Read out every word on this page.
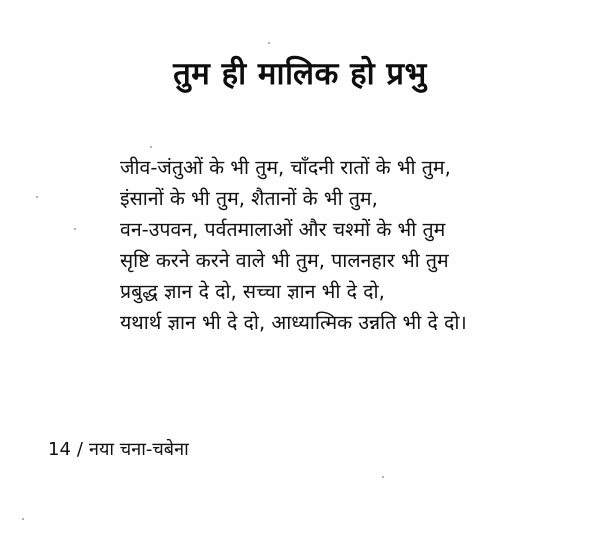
तुम ही मालिक हो प्रभु
जीव-जंतुओं के भी तुम, चाँदनी रातों के भी तुम,
इंसानों के भी तुम, शैतानों के भी तुम,
वन-उपवन, पर्वतमालाओं और चश्मों के भी तुम
सृष्टि करने करने वाले भी तुम, पालनहार भी तुम
प्रबुद्ध ज्ञान दे दो, सच्चा ज्ञान भी दे दो,
यथार्थ ज्ञान भी दे दो, आध्यात्मिक उन्नति भी दे दो।
14 / नया चना-चबेना
